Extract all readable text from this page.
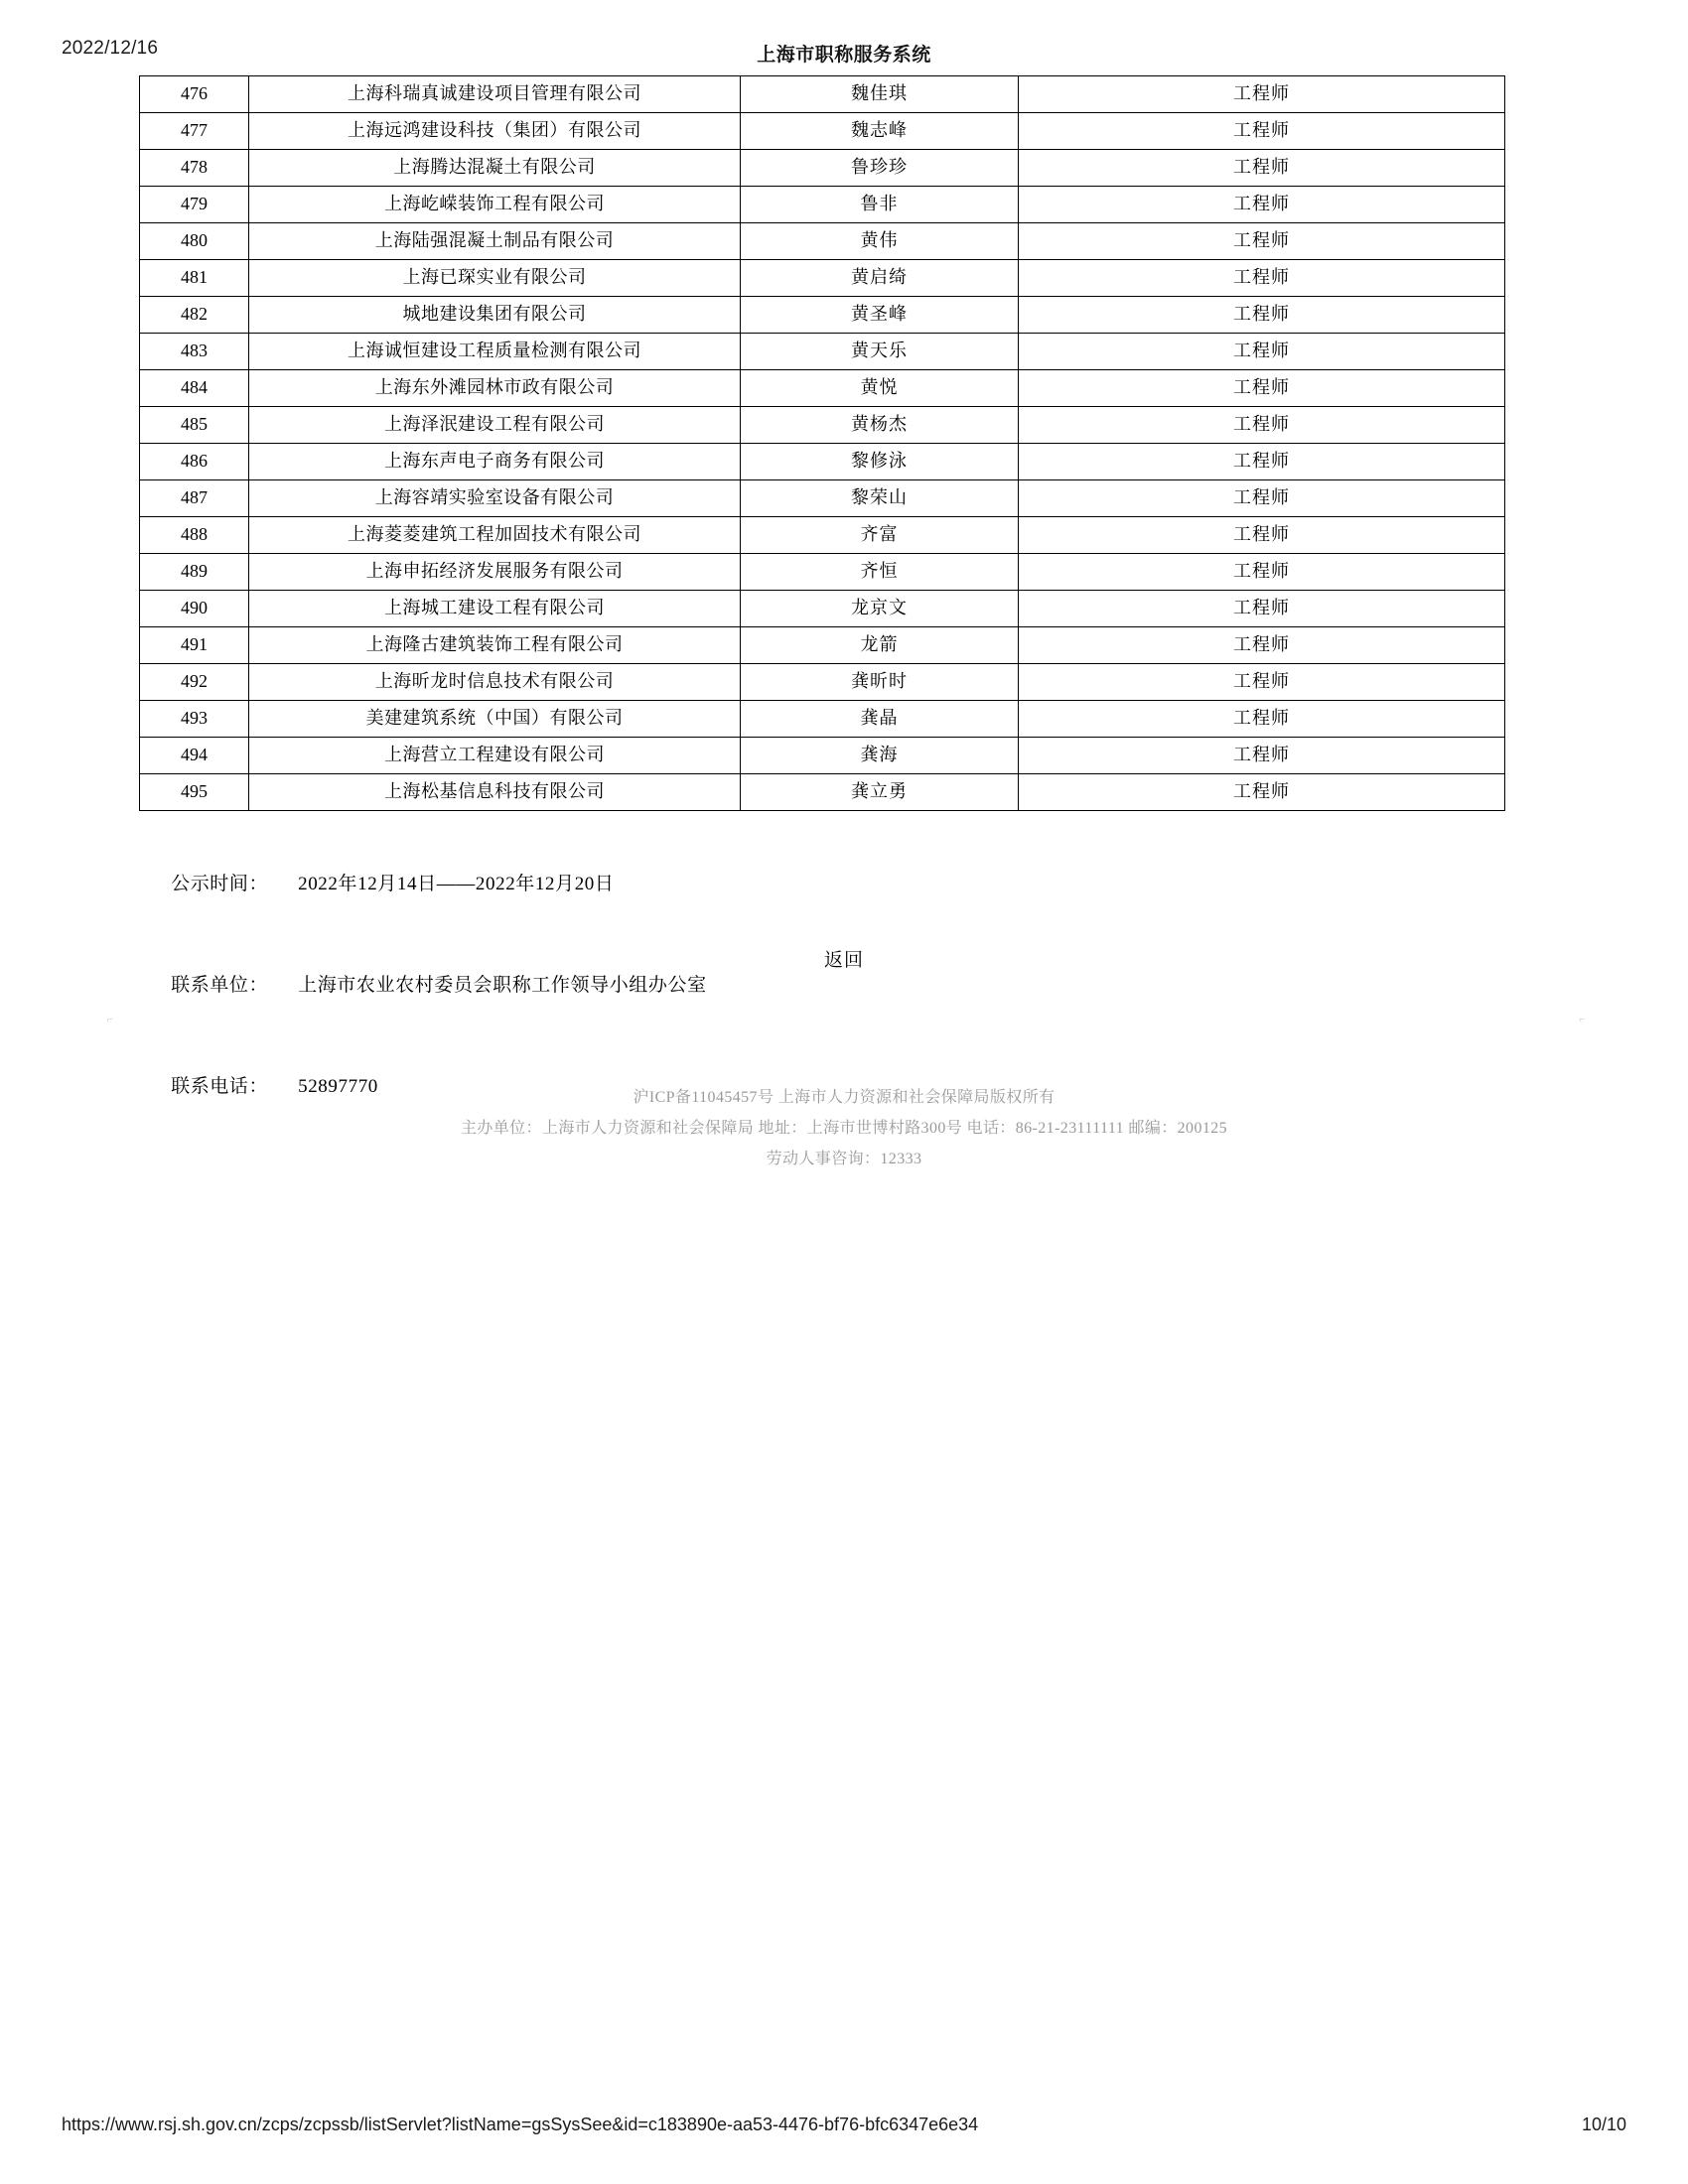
2022/12/16	上海市职称服务系统
476	上海科瑞真诚建设项目管理有限公司	魏佳琪	工程师
477	上海远鸿建设科技（集团）有限公司	魏志峰	工程师
478	上海腾达混凝土有限公司	鲁珍珍	工程师
479	上海屹嵘装饰工程有限公司	鲁非	工程师
480	上海陆强混凝土制品有限公司	黄伟	工程师
481	上海已琛实业有限公司	黄启绮	工程师
482	城地建设集团有限公司	黄圣峰	工程师
483	上海诚恒建设工程质量检测有限公司	黄天乐	工程师
484	上海东外滩园林市政有限公司	黄悦	工程师
485	上海泽泯建设工程有限公司	黄杨杰	工程师
486	上海东声电子商务有限公司	黎修泳	工程师
487	上海容靖实验室设备有限公司	黎荣山	工程师
488	上海菱菱建筑工程加固技术有限公司	齐富	工程师
489	上海申拓经济发展服务有限公司	齐恒	工程师
490	上海城工建设工程有限公司	龙京文	工程师
491	上海隆古建筑装饰工程有限公司	龙箭	工程师
492	上海昕龙时信息技术有限公司	龚昕时	工程师
493	美建建筑系统（中国）有限公司	龚晶	工程师
494	上海营立工程建设有限公司	龚海	工程师
495	上海松基信息科技有限公司	龚立勇	工程师

公示时间： 2022年12月14日——2022年12月20日

联系单位： 上海市农业农村委员会职称工作领导小组办公室

联系电话： 52897770

返回
⌐	⌐
沪ICP备11045457号 上海市人力资源和社会保障局版权所有
主办单位：上海市人力资源和社会保障局 地址：上海市世博村路300号 电话：86-21-23111111 邮编：200125
劳动人事咨询：12333
https://www.rsj.sh.gov.cn/zcps/zcpssb/listServlet?listName=gsSysSee&id=c183890e-aa53-4476-bf76-bfc6347e6e34	10/10
